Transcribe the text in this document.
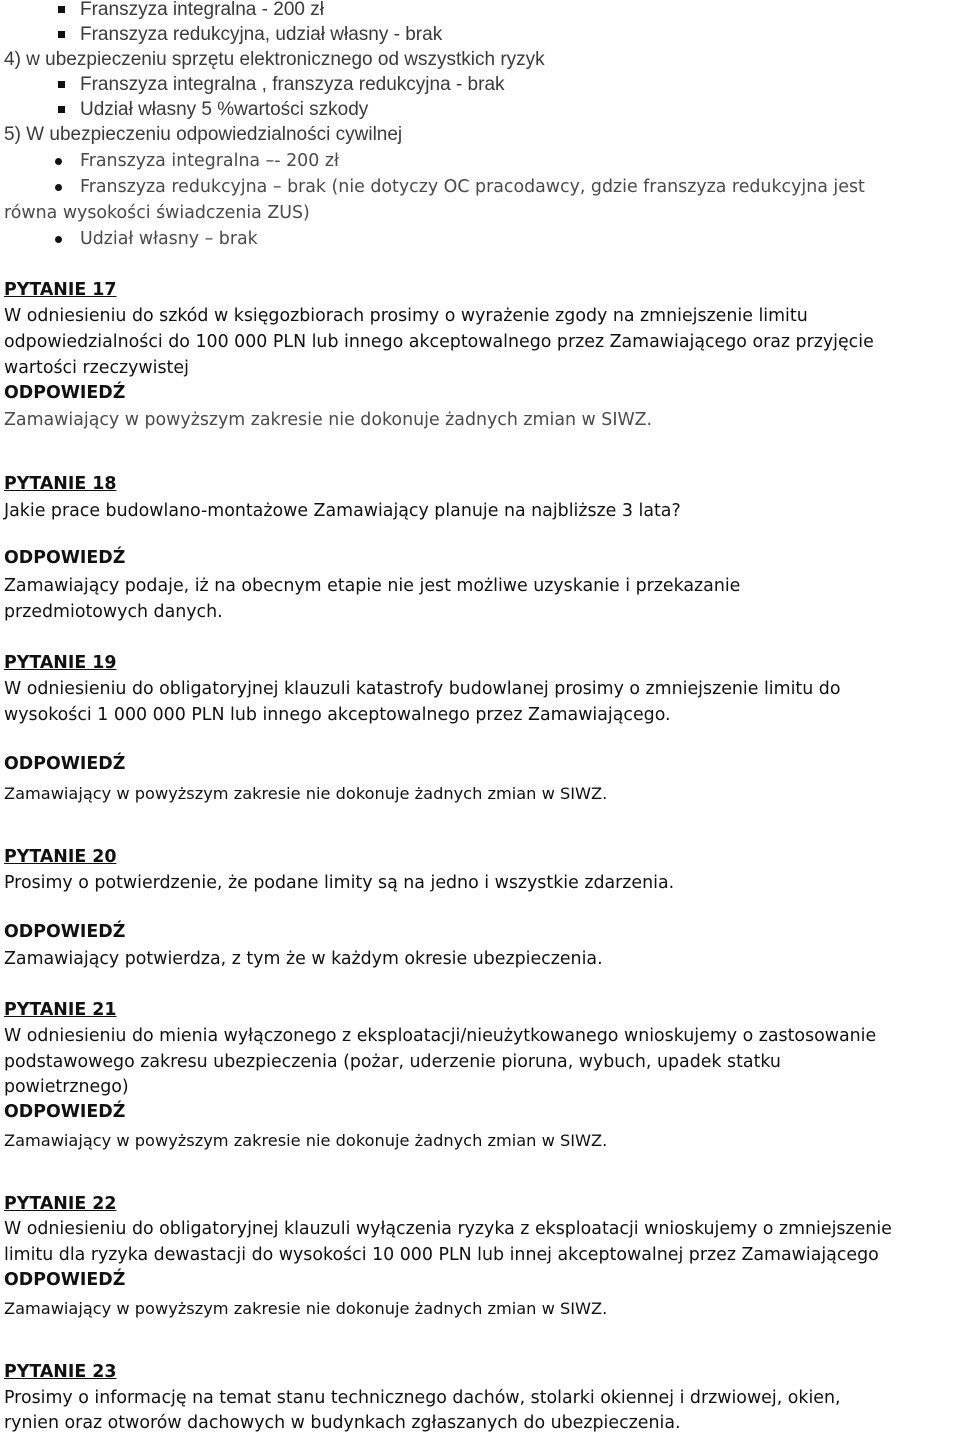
Franszyza integralna - 200 zł
Franszyza redukcyjna, udział własny - brak
4) w ubezpieczeniu sprzętu elektronicznego od wszystkich ryzyk
Franszyza integralna , franszyza redukcyjna - brak
Udział własny 5 %wartości szkody
5) W ubezpieczeniu odpowiedzialności cywilnej
Franszyza integralna –- 200 zł
Franszyza redukcyjna – brak (nie dotyczy OC pracodawcy, gdzie franszyza redukcyjna jest
równa wysokości świadczenia ZUS)
Udział własny – brak
PYTANIE 17
W odniesieniu do szkód w księgozbiorach prosimy o wyrażenie zgody na zmniejszenie limitu
odpowiedzialności do 100 000 PLN lub innego akceptowalnego przez Zamawiającego oraz przyjęcie
wartości rzeczywistej
ODPOWIEDŹ
Zamawiający w powyższym zakresie nie dokonuje żadnych zmian w SIWZ.
PYTANIE 18
Jakie prace budowlano-montażowe Zamawiający planuje na najbliższe 3 lata?
ODPOWIEDŹ
Zamawiający podaje, iż na obecnym etapie nie jest możliwe uzyskanie i przekazanie
przedmiotowych danych.
PYTANIE 19
W odniesieniu do obligatoryjnej klauzuli katastrofy budowlanej prosimy o zmniejszenie limitu do
wysokości 1 000 000 PLN lub innego akceptowalnego przez Zamawiającego.
ODPOWIEDŹ
Zamawiający w powyższym zakresie nie dokonuje żadnych zmian w SIWZ.
PYTANIE 20
Prosimy o potwierdzenie, że podane limity są na jedno i wszystkie zdarzenia.
ODPOWIEDŹ
Zamawiający potwierdza, z tym że w każdym okresie ubezpieczenia.
PYTANIE 21
W odniesieniu do mienia wyłączonego z eksploatacji/nieużytkowanego wnioskujemy o zastosowanie
podstawowego zakresu ubezpieczenia (pożar, uderzenie pioruna, wybuch, upadek statku
powietrznego)
ODPOWIEDŹ
Zamawiający w powyższym zakresie nie dokonuje żadnych zmian w SIWZ.
PYTANIE 22
W odniesieniu do obligatoryjnej klauzuli wyłączenia ryzyka z eksploatacji wnioskujemy o zmniejszenie
limitu dla ryzyka dewastacji do wysokości 10 000 PLN lub innej akceptowalnej przez Zamawiającego
ODPOWIEDŹ
Zamawiający w powyższym zakresie nie dokonuje żadnych zmian w SIWZ.
PYTANIE 23
Prosimy o informację na temat stanu technicznego dachów, stolarki okiennej i drzwiowej, okien,
rynien oraz otworów dachowych w budynkach zgłaszanych do ubezpieczenia.
